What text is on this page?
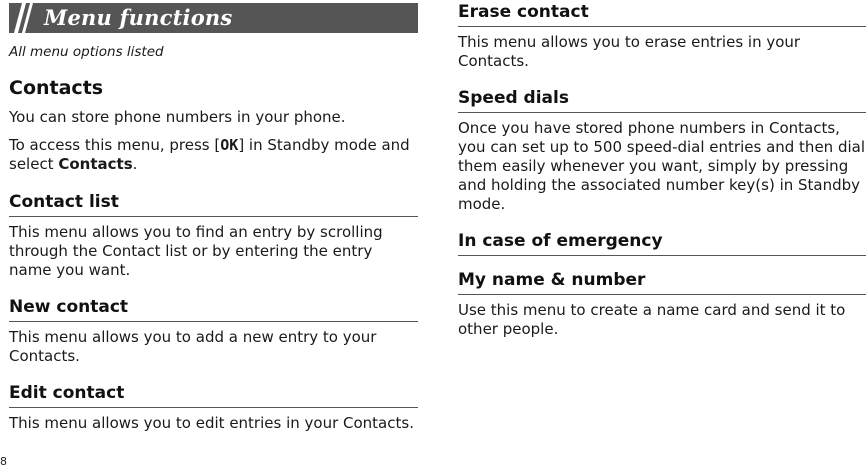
Menu functions
All menu options listed
Contacts

You can store phone numbers in your phone.

To access this menu, press [OK] in Standby mode and select Contacts.

Contact list

This menu allows you to find an entry by scrolling through the Contact list or by entering the entry name you want.

New contact

This menu allows you to add a new entry to your Contacts.

Edit contact

This menu allows you to edit entries in your Contacts.

Erase contact

This menu allows you to erase entries in your Contacts.

Speed dials

Once you have stored phone numbers in Contacts, you can set up to 500 speed-dial entries and then dial them easily whenever you want, simply by pressing and holding the associated number key(s) in Standby mode.

In case of emergency
My name & number

Use this menu to create a name card and send it to other people.

8
